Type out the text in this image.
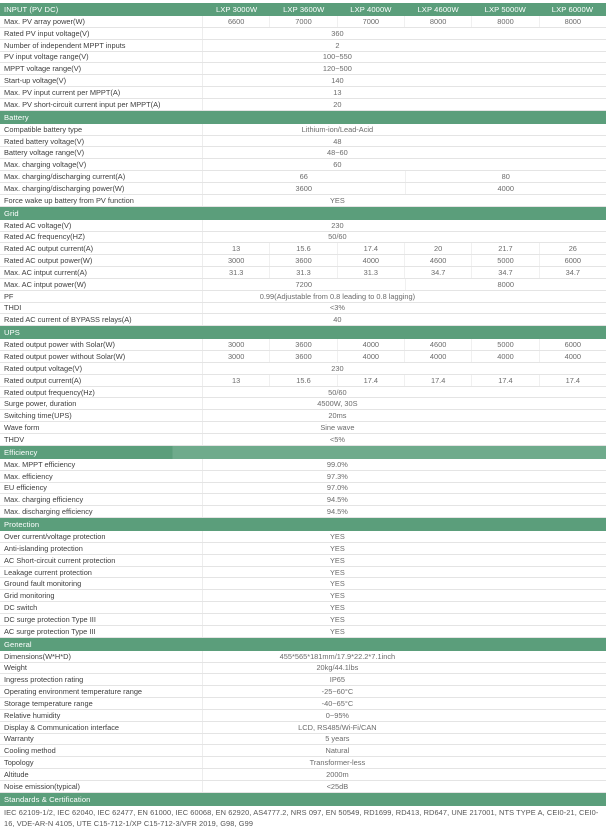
INPUT (PV DC)	LXP 3000W	LXP 3600W	LXP 4000W	LXP 4600W	LXP 5000W	LXP 6000W
Max. PV array power(W)	6600	7000	7000	8000	8000	8000
Rated PV input voltage(V)	360
Number of independent MPPT inputs	2
PV input voltage range(V)	100~550
MPPT voltage range(V)	120~500
Start-up voltage(V)	140
Max. PV input current per MPPT(A)	13
Max. PV short-circuit current input per MPPT(A)	20
Battery
Compatible battery type	Lithium-ion/Lead-Acid
Rated battery voltage(V)	48
Battery voltage range(V)	48~60
Max. charging voltage(V)	60
Max. charging/discharging current(A)	66	80
Max. charging/discharging power(W)	3600	4000
Force wake up battery from PV function	YES
Grid
Rated AC voltage(V)	230
Rated AC frequency(HZ)	50/60
Rated AC output current(A)	13	15.6	17.4	20	21.7	26
Rated AC output power(W)	3000	3600	4000	4600	5000	6000
Max. AC intput current(A)	31.3	31.3	31.3	34.7	34.7	34.7
Max. AC intput power(W)	7200	8000
PF	0.99(Adjustable from 0.8 leading to 0.8 lagging)
THDI	<3%
Rated AC current of BYPASS relays(A)	40
UPS
Rated output power with Solar(W)	3000	3600	4000	4600	5000	6000
Rated output power without Solar(W)	3000	3600	4000	4000	4000	4000
Rated output voltage(V)	230
Rated output current(A)	13	15.6	17.4	17.4	17.4	17.4
Rated output frequency(Hz)	50/60
Surge power, duration	4500W, 30S
Switching time(UPS)	20ms
Wave form	Sine wave
THDV	<5%
Efficiency
Max. MPPT efficiency	99.0%
Max. efficiency	97.3%
EU efficiency	97.0%
Max. charging efficiency	94.5%
Max. discharging efficiency	94.5%
Protection
Over current/voltage protection	YES
Anti-islanding protection	YES
AC Short-circuit current protection	YES
Leakage current protection	YES
Ground fault monitoring	YES
Grid monitoring	YES
DC switch	YES
DC surge protection Type III	YES
AC surge protection Type III	YES
General
Dimensions(W*H*D)	455*565*181mm/17.9*22.2*7.1inch
Weight	20kg/44.1lbs
Ingress protection rating	IP65
Operating environment temperature range	-25~60°C
Storage temperature range	-40~65°C
Relative humidity	0~95%
Display & Communication interface	LCD, RS485/Wi-Fi/CAN
Warranty	5 years
Cooling method	Natural
Topology	Transformer-less
Altitude	2000m
Noise emission(typical)	<25dB
Standards & Certification
IEC 62109-1/2, IEC 62040, IEC 62477, EN 61000, IEC 60068, EN 62920, AS4777.2, NRS 097, EN 50549, RD1699, RD413, RD647, UNE 217001, NTS TYPE A, CEI0-21, CEI0-16, VDE-AR-N 4105, UTE C15-712-1/XP C15-712-3/VFR 2019, G98, G99
